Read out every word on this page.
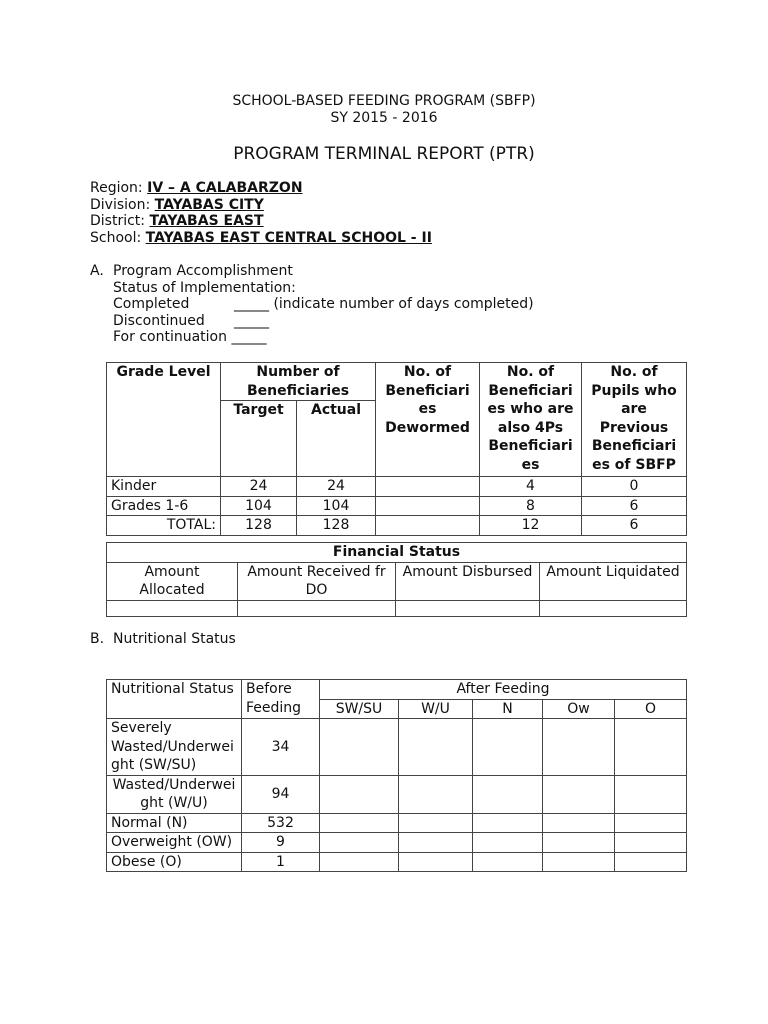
SCHOOL-BASED FEEDING PROGRAM (SBFP)
SY 2015 - 2016
PROGRAM TERMINAL REPORT (PTR)
Region: IV – A CALABARZON
Division: TAYABAS CITY
District: TAYABAS EAST
School: TAYABAS EAST CENTRAL SCHOOL - II
A. Program Accomplishment
Status of Implementation:
Completed	_____ (indicate number of days completed)
Discontinued _____
For continuation _____
Grade Level	Number of Beneficiaries		No. of Beneficiari es Dewormed	No. of Beneficiari es who are also 4Ps Beneficiari es	No. of Pupils who are Previous Beneficiari es of SBFP
	Target	Actual			
Kinder	24	24		4	0
Grades 1-6	104	104		8	6
TOTAL:	128	128		12	6
Financial Status			
Amount Allocated	Amount Received fr DO	Amount Disbursed	Amount Liquidated

B. Nutritional Status
Nutritional Status	Before Feeding	After Feeding				
		SW/SU	W/U	N	Ow	O
Severely Wasted/Underwei ght (SW/SU)	34					
Wasted/Underwei ght (W/U)	94					
Normal (N)	532					
Overweight (OW)	9					
Obese (O)	1					
